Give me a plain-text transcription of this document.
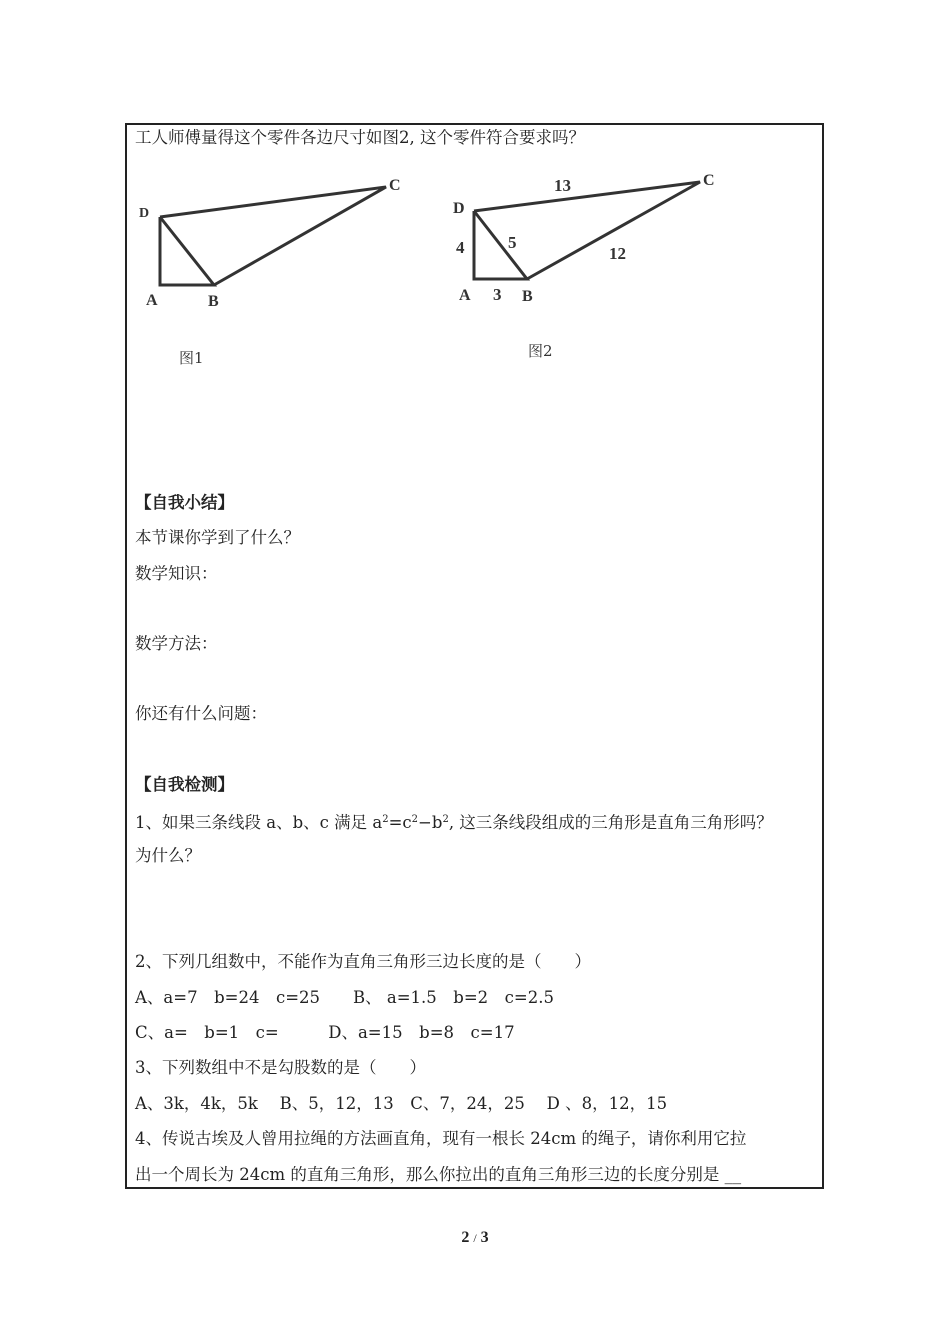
工人师傅量得这个零件各边尺寸如图2, 这个零件符合要求吗？
D
A	B
C
D
A	B
C
4
3
5
12
13
图1	图2
【自我小结】
本节课你学到了什么？
数学知识：
数学方法：
你还有什么问题：
【自我检测】
1、如果三条线段 a、b、c 满足 $a^2=c^2-b^2$, 这三条线段组成的三角形是直角三角形吗？
为什么？
2、下列几组数中，不能作为直角三角形三边长度的是（　　）
A、a=7　b=24　c=25　　B、 a=1.5　b=2　c=2.5
C、a=　b=1　c=　　　D、a=15　b=8　c=17
3、下列数组中不是勾股数的是（　　）
A、3k，4k，5k　 B、5，12，13　C、7，24，25　 D 、8，12，15
4、传说古埃及人曾用拉绳的方法画直角，现有一根长 24cm 的绳子，请你利用它拉
出一个周长为 24cm 的直角三角形，那么你拉出的直角三角形三边的长度分别是 __
2 / 3
